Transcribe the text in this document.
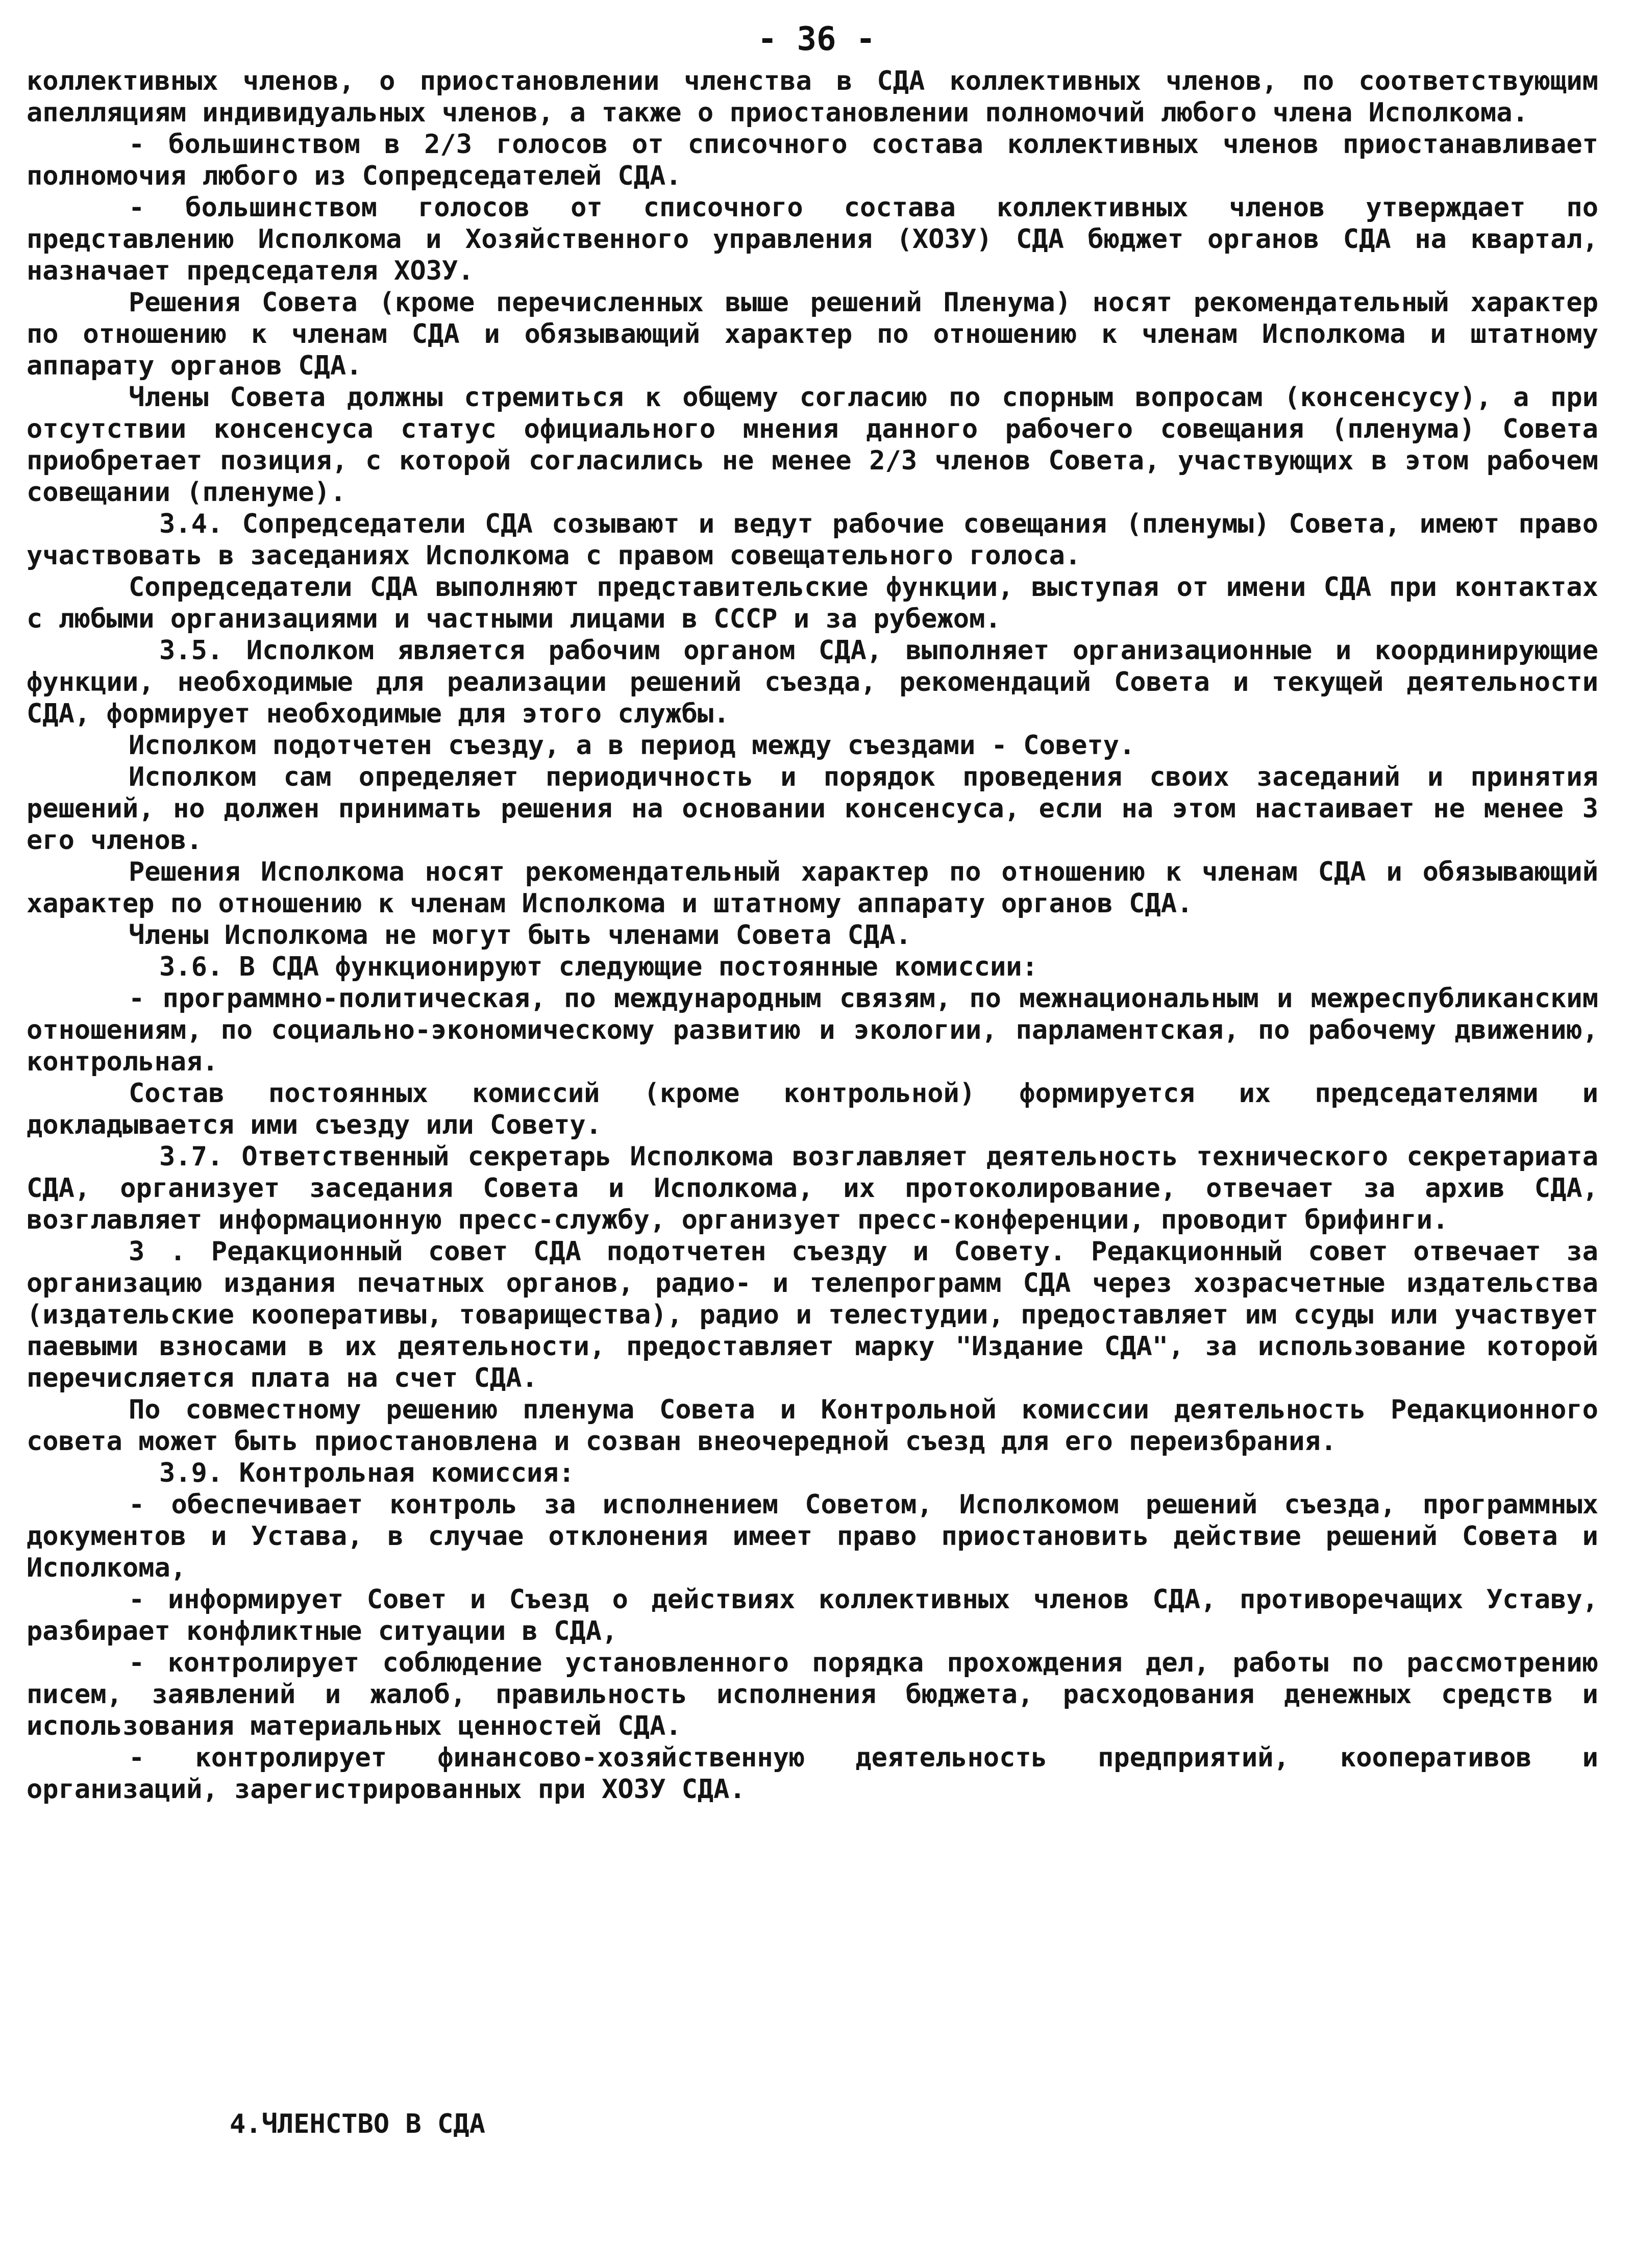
- 36 -

коллективных членов, о приостановлении членства в СДА коллективных членов, по соответствующим апелляциям индивидуальных членов, а также о приостановлении полномочий любого члена Исполкома.

- большинством в 2/3 голосов от списочного состава коллективных членов приостанавливает полномочия любого из Сопредседателей СДА.

- большинством голосов от списочного состава коллективных членов утверждает по представлению Исполкома и Хозяйственного управления (ХОЗУ) СДА бюджет органов СДА на квартал, назначает председателя ХОЗУ.

Решения Совета (кроме перечисленных выше решений Пленума) носят рекомендательный характер по отношению к членам СДА и обязывающий характер по отношению к членам Исполкома и штатному аппарату органов СДА.

Члены Совета должны стремиться к общему согласию по спорным вопросам (консенсусу), а при отсутствии консенсуса статус официального мнения данного рабочего совещания (пленума) Совета приобретает позиция, с которой согласились не менее 2/3 членов Совета, участвующих в этом рабочем совещании (пленуме).

3.4. Сопредседатели СДА созывают и ведут рабочие совещания (пленумы) Совета, имеют право участвовать в заседаниях Исполкома с правом совещательного голоса.

Сопредседатели СДА выполняют представительские функции, выступая от имени СДА при контактах с любыми организациями и частными лицами в СССР и за рубежом.

3.5. Исполком является рабочим органом СДА, выполняет организационные и координирующие функции, необходимые для реализации решений съезда, рекомендаций Совета и текущей деятельности СДА, формирует необходимые для этого службы.

Исполком подотчетен съезду, а в период между съездами - Совету.

Исполком сам определяет периодичность и порядок проведения своих заседаний и принятия решений, но должен принимать решения на основании консенсуса, если на этом настаивает не менее 3 его членов.

Решения Исполкома носят рекомендательный характер по отношению к членам СДА и обязывающий характер по отношению к членам Исполкома и штатному аппарату органов СДА.

Члены Исполкома не могут быть членами Совета СДА.

3.6. В СДА функционируют следующие постоянные комиссии:

- программно-политическая, по международным связям, по межнациональным и межреспубликанским отношениям, по социально-экономическому развитию и экологии, парламентская, по рабочему движению, контрольная.

Состав постоянных комиссий (кроме контрольной) формируется их председателями и докладывается ими съезду или Совету.

3.7. Ответственный секретарь Исполкома возглавляет деятельность технического секретариата СДА, организует заседания Совета и Исполкома, их протоколирование, отвечает за архив СДА, возглавляет информационную пресс-службу, организует пресс-конференции, проводит брифинги.

3 . Редакционный совет СДА подотчетен съезду и Совету. Редакционный совет отвечает за организацию издания печатных органов, радио- и телепрограмм СДА через хозрасчетные издательства (издательские кооперативы, товарищества), радио и телестудии, предоставляет им ссуды или участвует паевыми взносами в их деятельности, предоставляет марку "Издание СДА", за использование которой перечисляется плата на счет СДА.

По совместному решению пленума Совета и Контрольной комиссии деятельность Редакционного совета может быть приостановлена и созван внеочередной съезд для его переизбрания.

3.9. Контрольная комиссия:

- обеспечивает контроль за исполнением Советом, Исполкомом решений съезда, программных документов и Устава, в случае отклонения имеет право приостановить действие решений Совета и Исполкома,

- информирует Совет и Съезд о действиях коллективных членов СДА, противоречащих Уставу, разбирает конфликтные ситуации в СДА,

- контролирует соблюдение установленного порядка прохождения дел, работы по рассмотрению писем, заявлений и жалоб, правильность исполнения бюджета, расходования денежных средств и использования материальных ценностей СДА.

- контролирует финансово-хозяйственную деятельность предприятий, кооперативов и организаций, зарегистрированных при ХОЗУ СДА.

4.ЧЛЕНСТВО В СДА
